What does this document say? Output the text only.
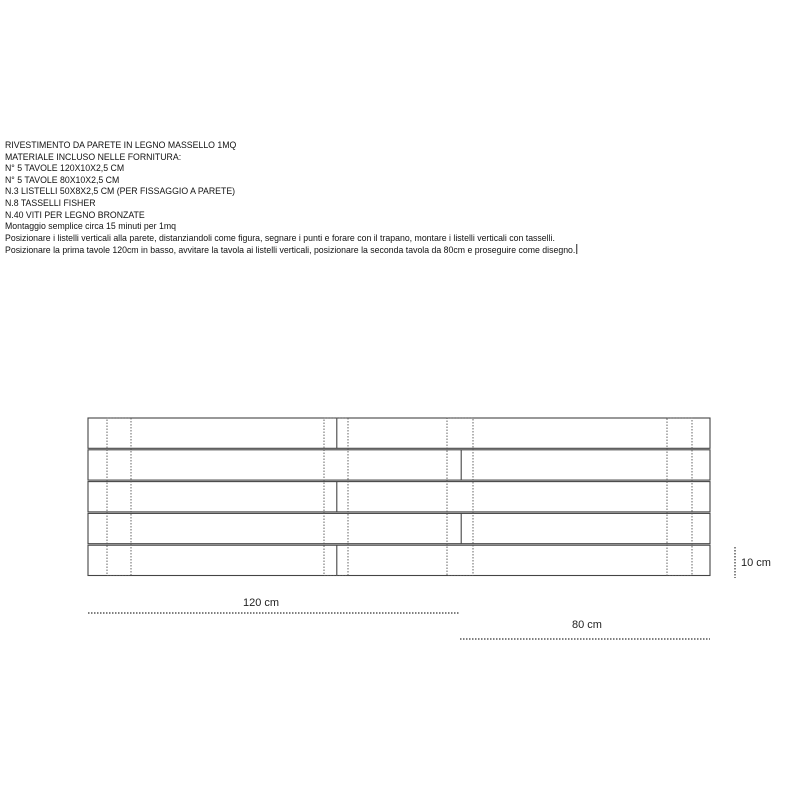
RIVESTIMENTO DA PARETE IN LEGNO MASSELLO 1MQ
MATERIALE INCLUSO NELLE FORNITURA:
N° 5 TAVOLE 120X10X2,5 CM
N° 5 TAVOLE 80X10X2,5 CM
N.3 LISTELLI 50X8X2,5 CM (PER FISSAGGIO A PARETE)
N.8 TASSELLI FISHER
N.40 VITI PER LEGNO BRONZATE
Montaggio semplice circa 15 minuti per 1mq
Posizionare i listelli verticali alla parete, distanziandoli come figura, segnare i punti e forare con il trapano, montare i listelli verticali con tasselli.
Posizionare la prima tavole 120cm in basso, avvitare la tavola ai listelli verticali, posizionare la seconda tavola da 80cm e proseguire come disegno.
120 cm
80 cm
10 cm
